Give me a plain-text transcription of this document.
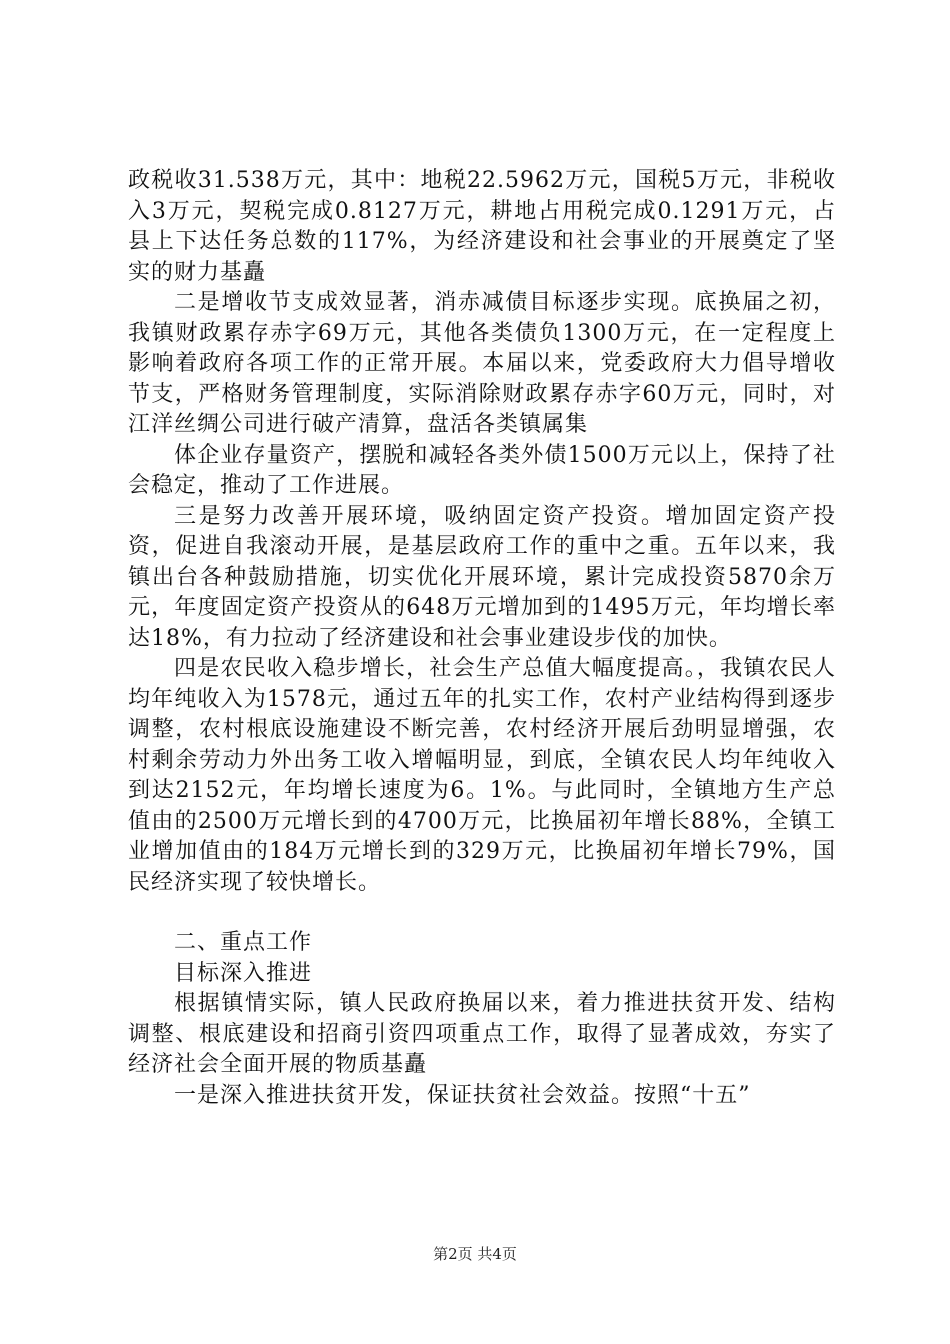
政税收31.538万元，其中：地税22.5962万元，国税5万元，非税收入3万元，契税完成0.8127万元，耕地占用税完成0.1291万元，占县上下达任务总数的117%，为经济建设和社会事业的开展奠定了坚实的财力基矗

二是增收节支成效显著，消赤减债目标逐步实现。底换届之初，我镇财政累存赤字69万元，其他各类债负1300万元，在一定程度上影响着政府各项工作的正常开展。本届以来，党委政府大力倡导增收节支，严格财务管理制度，实际消除财政累存赤字60万元，同时，对江洋丝绸公司进行破产清算，盘活各类镇属集

体企业存量资产，摆脱和减轻各类外债1500万元以上，保持了社会稳定，推动了工作进展。

三是努力改善开展环境，吸纳固定资产投资。增加固定资产投资，促进自我滚动开展，是基层政府工作的重中之重。五年以来，我镇出台各种鼓励措施，切实优化开展环境，累计完成投资5870余万元，年度固定资产投资从的648万元增加到的1495万元，年均增长率达18%，有力拉动了经济建设和社会事业建设步伐的加快。

四是农民收入稳步增长，社会生产总值大幅度提高。，我镇农民人均年纯收入为1578元，通过五年的扎实工作，农村产业结构得到逐步调整，农村根底设施建设不断完善，农村经济开展后劲明显增强，农村剩余劳动力外出务工收入增幅明显，到底，全镇农民人均年纯收入到达2152元，年均增长速度为6。1%。与此同时，全镇地方生产总值由的2500万元增长到的4700万元，比换届初年增长88%，全镇工业增加值由的184万元增长到的329万元，比换届初年增长79%，国民经济实现了较快增长。

二、重点工作

目标深入推进

根据镇情实际，镇人民政府换届以来，着力推进扶贫开发、结构调整、根底建设和招商引资四项重点工作，取得了显著成效，夯实了经济社会全面开展的物质基矗

一是深入推进扶贫开发，保证扶贫社会效益。按照“十五”

第2页 共4页
